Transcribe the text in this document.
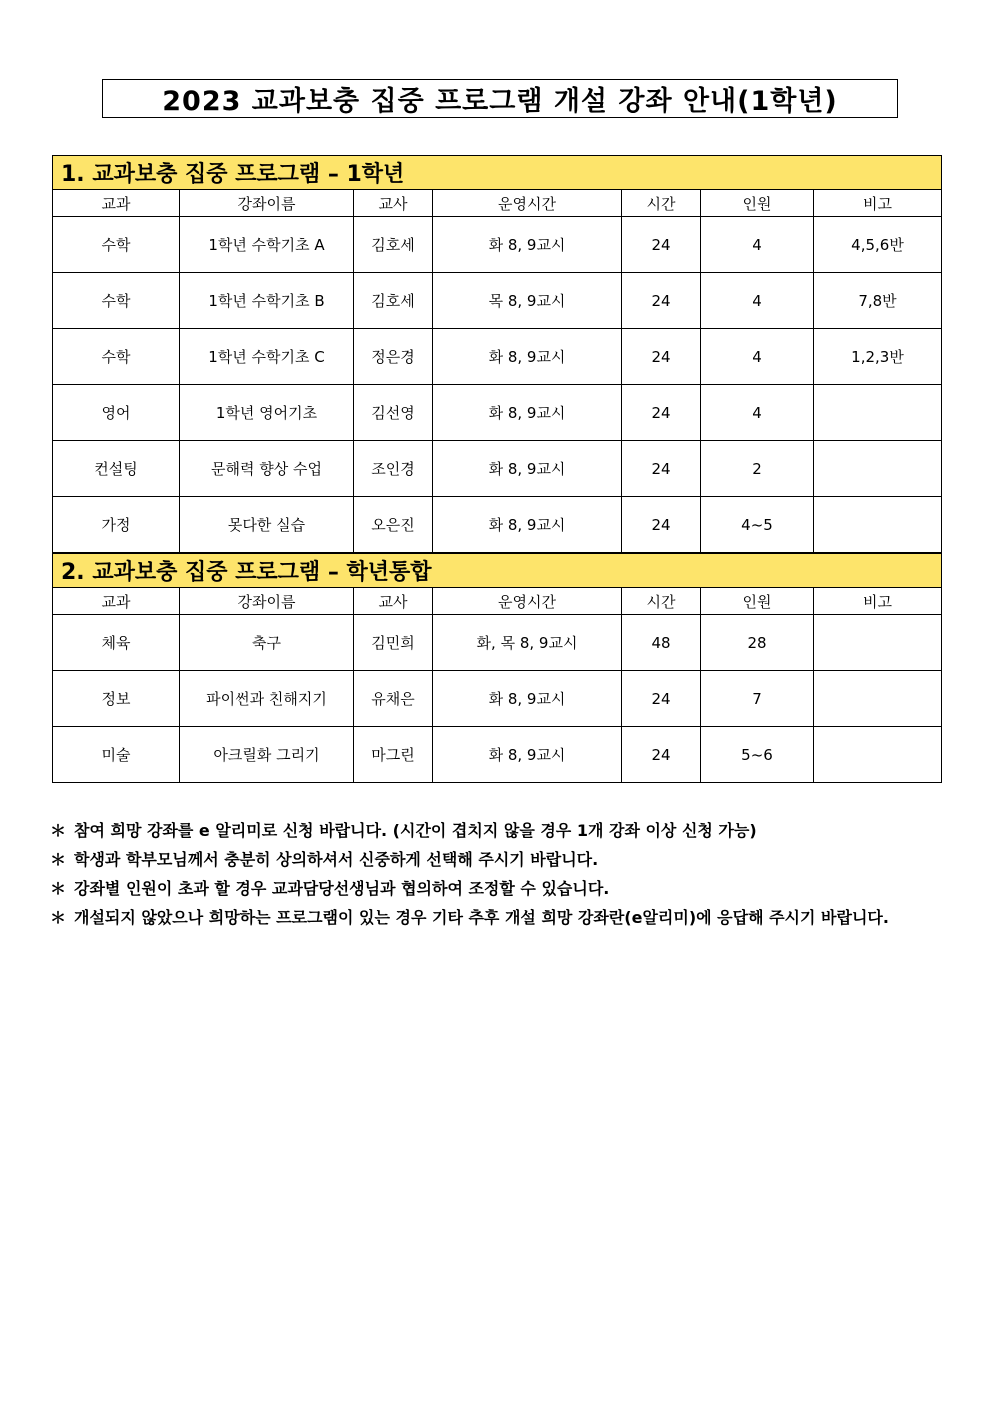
2023 교과보충 집중 프로그램 개설 강좌 안내(1학년)
1. 교과보충 집중 프로그램 – 1학년						
교과	강좌이름	교사	운영시간	시간	인원	비고
수학	1학년 수학기초 A	김호세	화 8, 9교시	24	4	4,5,6반
수학	1학년 수학기초 B	김호세	목 8, 9교시	24	4	7,8반
수학	1학년 수학기초 C	정은경	화 8, 9교시	24	4	1,2,3반
영어	1학년 영어기초	김선영	화 8, 9교시	24	4	
컨설팅	문해력 향상 수업	조인경	화 8, 9교시	24	2	
가정	못다한 실습	오은진	화 8, 9교시	24	4~5	
2. 교과보충 집중 프로그램 – 학년통합						
교과	강좌이름	교사	운영시간	시간	인원	비고
체육	축구	김민희	화, 목 8, 9교시	48	28	
정보	파이썬과 친해지기	유채은	화 8, 9교시	24	7	
미술	아크릴화 그리기	마그린	화 8, 9교시	24	5~6	
＊ 참여 희망 강좌를 e 알리미로 신청 바랍니다. (시간이 겹치지 않을 경우 1개 강좌 이상 신청 가능)
＊ 학생과 학부모님께서 충분히 상의하셔서 신중하게 선택해 주시기 바랍니다.
＊ 강좌별 인원이 초과 할 경우 교과담당선생님과 협의하여 조정할 수 있습니다.
＊ 개설되지 않았으나 희망하는 프로그램이 있는 경우 기타 추후 개설 희망 강좌란(e알리미)에 응답해 주시기 바랍니다.
